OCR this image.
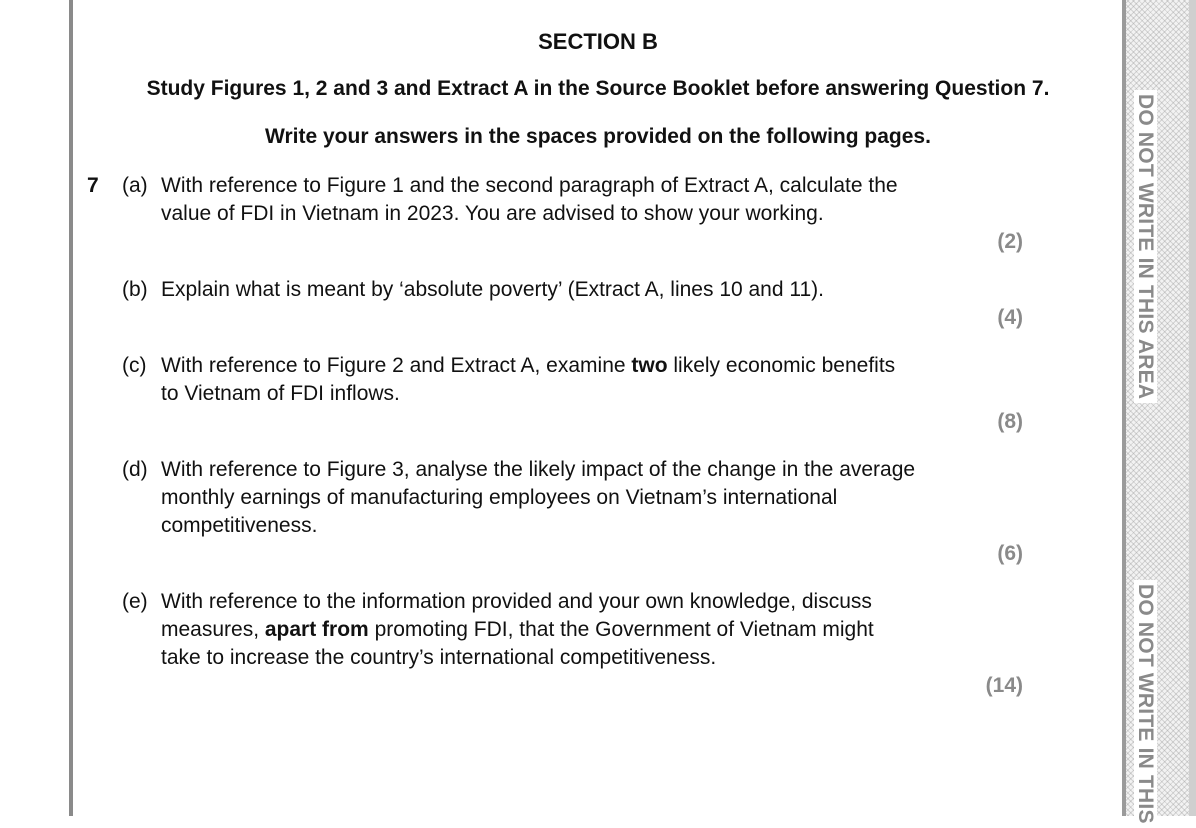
DO NOT WRITE IN THIS AREA
DO NOT WRITE IN THIS
SECTION B
Study Figures 1, 2 and 3 and Extract A in the Source Booklet before answering Question 7.
Write your answers in the spaces provided on the following pages.
7 (a) With reference to Figure 1 and the second paragraph of Extract A, calculate the
value of FDI in Vietnam in 2023. You are advised to show your working.
(2)
(b) Explain what is meant by ‘absolute poverty’ (Extract A, lines 10 and 11).
(4)
(c) With reference to Figure 2 and Extract A, examine two likely economic benefits
to Vietnam of FDI inflows.
(8)
(d) With reference to Figure 3, analyse the likely impact of the change in the average
monthly earnings of manufacturing employees on Vietnam’s international
competitiveness.
(6)
(e) With reference to the information provided and your own knowledge, discuss
measures, apart from promoting FDI, that the Government of Vietnam might
take to increase the country’s international competitiveness.
(14)
